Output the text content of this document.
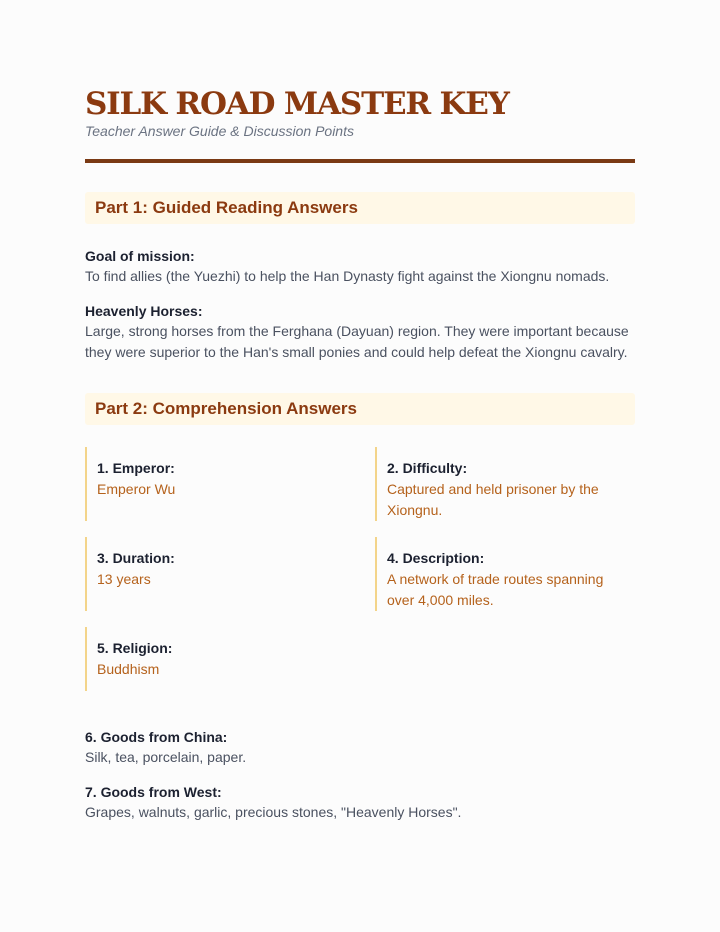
SILK ROAD MASTER KEY
Teacher Answer Guide & Discussion Points
Part 1: Guided Reading Answers
Goal of mission:
To find allies (the Yuezhi) to help the Han Dynasty fight against the Xiongnu nomads.
Heavenly Horses:
Large, strong horses from the Ferghana (Dayuan) region. They were important because they were superior to the Han's small ponies and could help defeat the Xiongnu cavalry.
Part 2: Comprehension Answers
1. Emperor:
Emperor Wu
2. Difficulty:
Captured and held prisoner by the Xiongnu.
3. Duration:
13 years
4. Description:
A network of trade routes spanning over 4,000 miles.
5. Religion:
Buddhism
6. Goods from China:
Silk, tea, porcelain, paper.
7. Goods from West:
Grapes, walnuts, garlic, precious stones, "Heavenly Horses".
